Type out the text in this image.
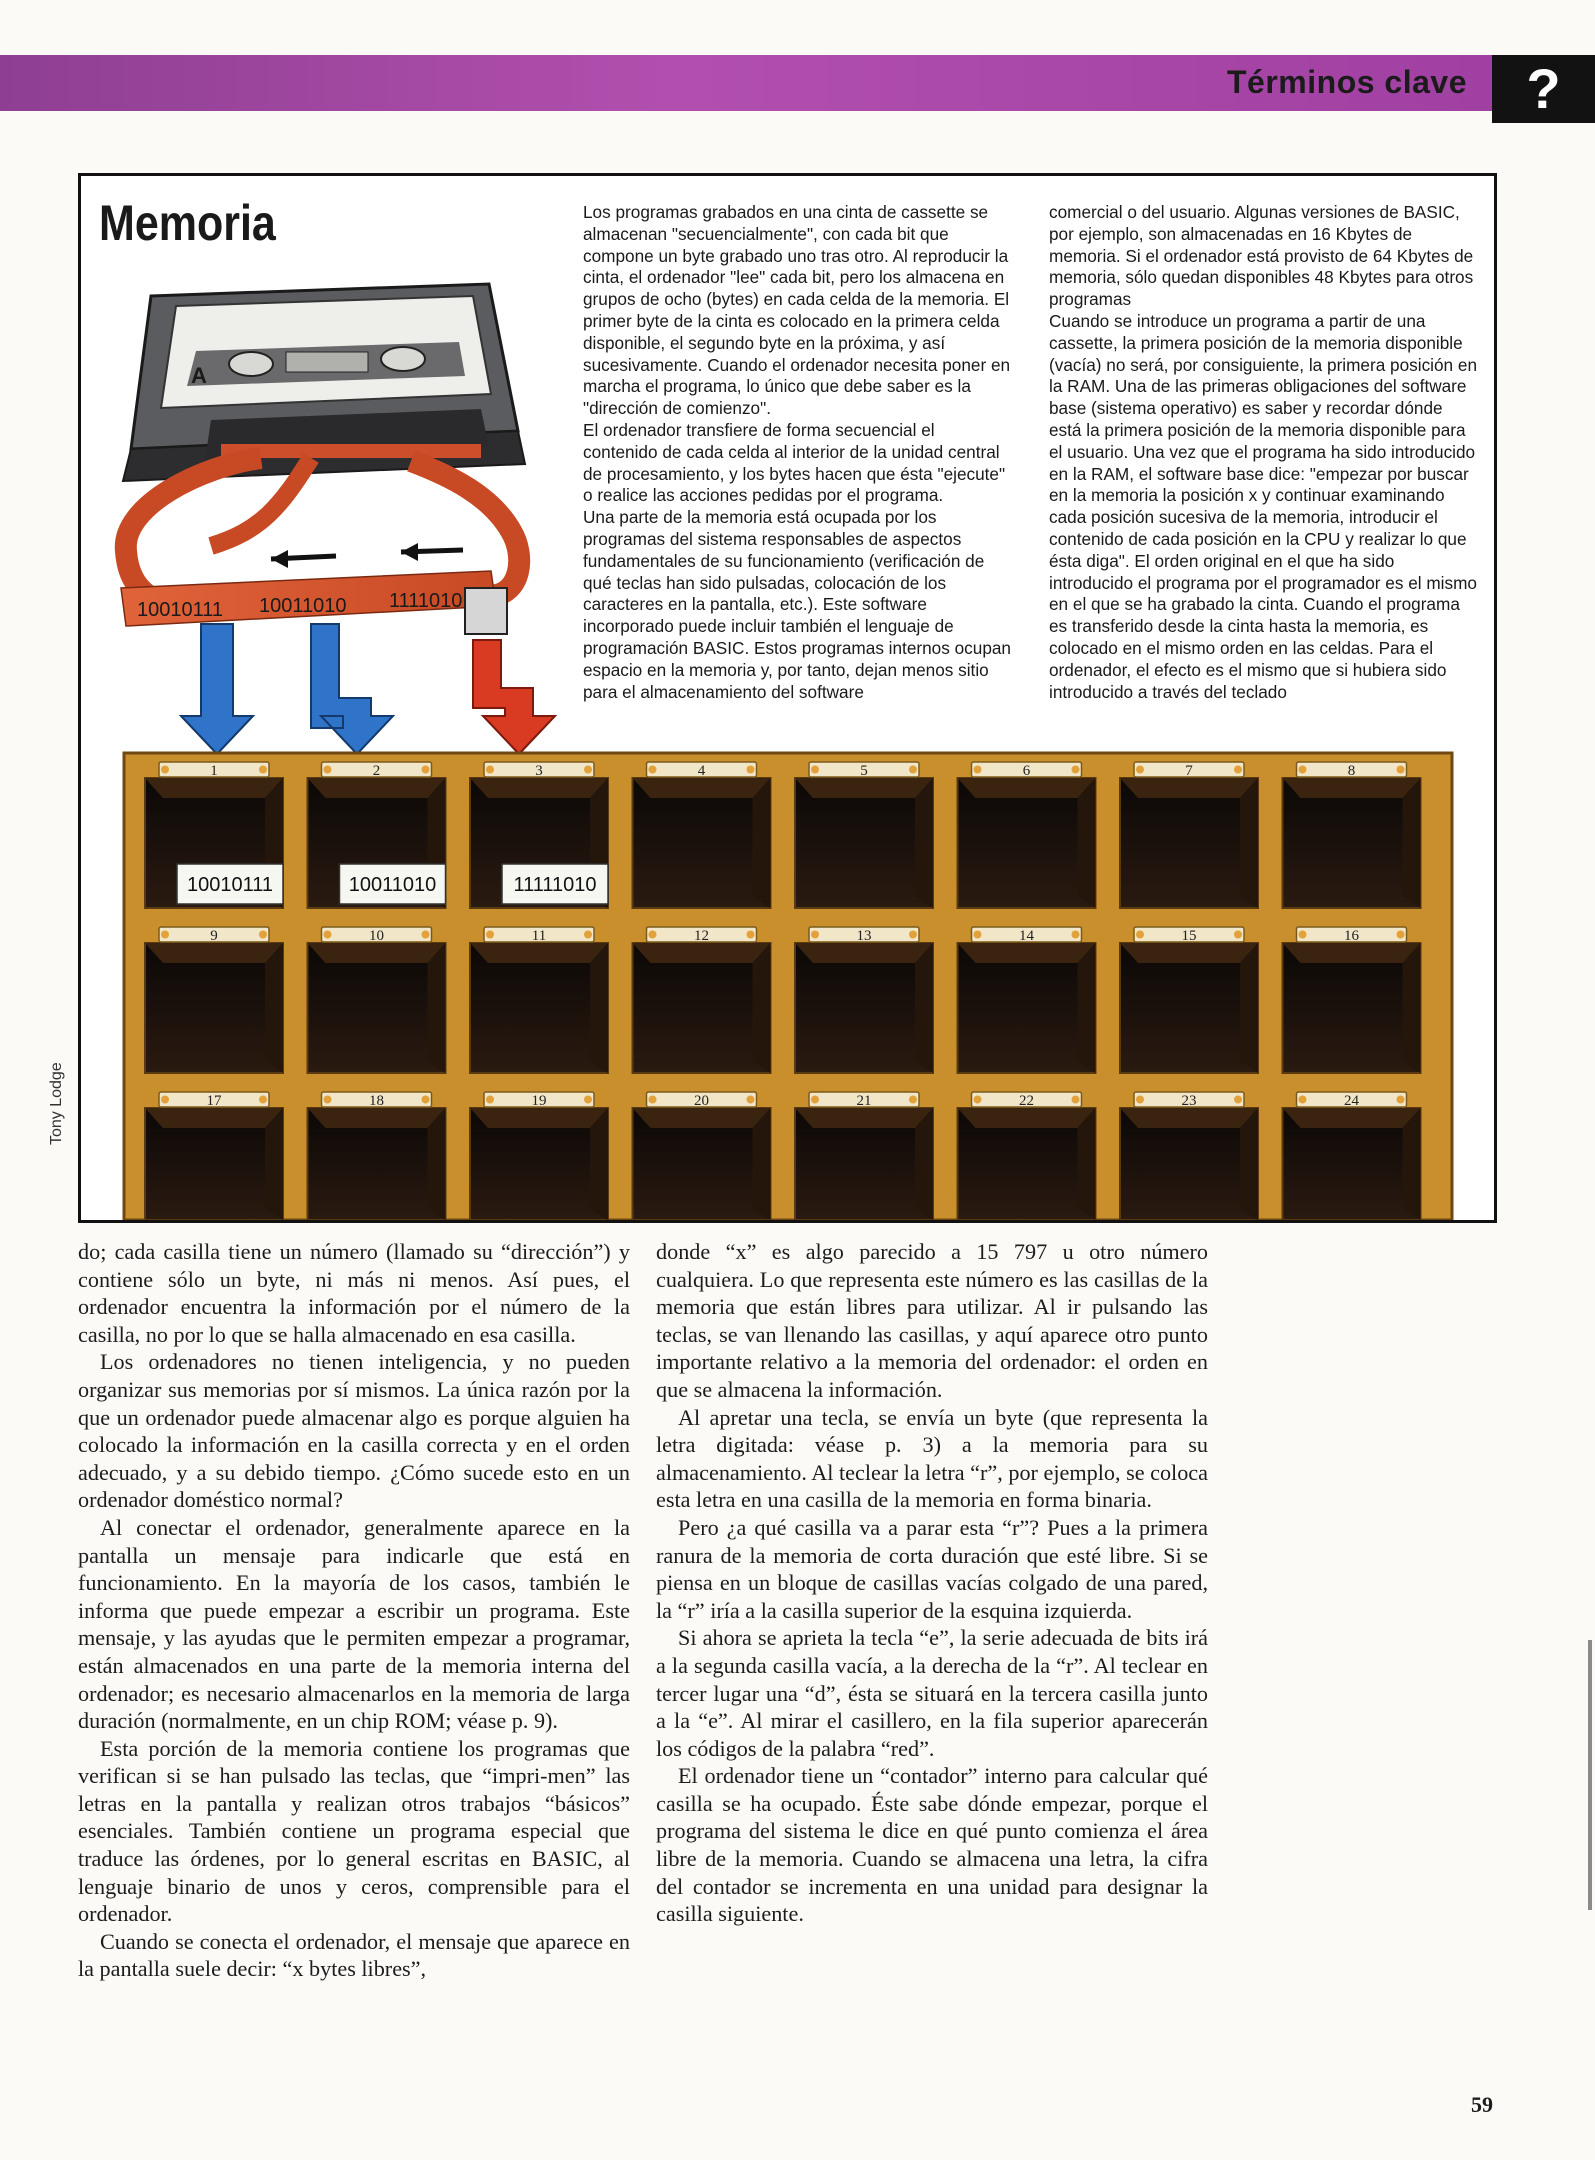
Términos clave	?
Memoria
A
10010111 10011010 1111010
1
10010111
2
10011010
3
11111010
4	5	6	7	8
9	10	11	12	13	14	15	16
17	18	19	20	21	22	23	24
Los programas grabados en una cinta de cassette se almacenan "secuencialmente", con cada bit que compone un byte grabado uno tras otro. Al reproducir la cinta, el ordenador "lee" cada bit, pero los almacena en grupos de ocho (bytes) en cada celda de la memoria. El primer byte de la cinta es colocado en la primera celda disponible, el segundo byte en la próxima, y así sucesivamente. Cuando el ordenador necesita poner en marcha el programa, lo único que debe saber es la "dirección de comienzo".
El ordenador transfiere de forma secuencial el contenido de cada celda al interior de la unidad central de procesamiento, y los bytes hacen que ésta "ejecute" o realice las acciones pedidas por el programa.
Una parte de la memoria está ocupada por los programas del sistema responsables de aspectos fundamentales de su funcionamiento (verificación de qué teclas han sido pulsadas, colocación de los caracteres en la pantalla, etc.). Este software incorporado puede incluir también el lenguaje de programación BASIC. Estos programas internos ocupan espacio en la memoria y, por tanto, dejan menos sitio para el almacenamiento del software
comercial o del usuario. Algunas versiones de BASIC, por ejemplo, son almacenadas en 16 Kbytes de memoria. Si el ordenador está provisto de 64 Kbytes de memoria, sólo quedan disponibles 48 Kbytes para otros programas
Cuando se introduce un programa a partir de una cassette, la primera posición de la memoria disponible (vacía) no será, por consiguiente, la primera posición en la RAM. Una de las primeras obligaciones del software base (sistema operativo) es saber y recordar dónde está la primera posición de la memoria disponible para el usuario. Una vez que el programa ha sido introducido en la RAM, el software base dice: "empezar por buscar en la memoria la posición x y continuar examinando cada posición sucesiva de la memoria, introducir el contenido de cada posición en la CPU y realizar lo que ésta diga". El orden original en el que ha sido introducido el programa por el programador es el mismo en el que se ha grabado la cinta. Cuando el programa es transferido desde la cinta hasta la memoria, es colocado en el mismo orden en las celdas. Para el ordenador, el efecto es el mismo que si hubiera sido introducido a través del teclado
Tony Lodge

do; cada casilla tiene un número (llamado su “dirección”) y contiene sólo un byte, ni más ni menos. Así pues, el ordenador encuentra la información por el número de la casilla, no por lo que se halla almacenado en esa casilla.

Los ordenadores no tienen inteligencia, y no pueden organizar sus memorias por sí mismos. La única razón por la que un ordenador puede almacenar algo es porque alguien ha colocado la información en la casilla correcta y en el orden adecuado, y a su debido tiempo. ¿Cómo sucede esto en un ordenador doméstico normal?

Al conectar el ordenador, generalmente aparece en la pantalla un mensaje para indicarle que está en funcionamiento. En la mayoría de los casos, también le informa que puede empezar a escribir un programa. Este mensaje, y las ayudas que le permiten empezar a programar, están almacenados en una parte de la memoria interna del ordenador; es necesario almacenarlos en la memoria de larga duración (normalmente, en un chip ROM; véase p. 9).

Esta porción de la memoria contiene los programas que verifican si se han pulsado las teclas, que “impri-men” las letras en la pantalla y realizan otros trabajos “básicos” esenciales. También contiene un programa especial que traduce las órdenes, por lo general escritas en BASIC, al lenguaje binario de unos y ceros, comprensible para el ordenador.

Cuando se conecta el ordenador, el mensaje que aparece en la pantalla suele decir: “x bytes libres”,

donde “x” es algo parecido a 15 797 u otro número cualquiera. Lo que representa este número es las casillas de la memoria que están libres para utilizar. Al ir pulsando las teclas, se van llenando las casillas, y aquí aparece otro punto importante relativo a la memoria del ordenador: el orden en que se almacena la información.

Al apretar una tecla, se envía un byte (que representa la letra digitada: véase p. 3) a la memoria para su almacenamiento. Al teclear la letra “r”, por ejemplo, se coloca esta letra en una casilla de la memoria en forma binaria.

Pero ¿a qué casilla va a parar esta “r”? Pues a la primera ranura de la memoria de corta duración que esté libre. Si se piensa en un bloque de casillas vacías colgado de una pared, la “r” iría a la casilla superior de la esquina izquierda.

Si ahora se aprieta la tecla “e”, la serie adecuada de bits irá a la segunda casilla vacía, a la derecha de la “r”. Al teclear en tercer lugar una “d”, ésta se situará en la tercera casilla junto a la “e”. Al mirar el casillero, en la fila superior aparecerán los códigos de la palabra “red”.

El ordenador tiene un “contador” interno para calcular qué casilla se ha ocupado. Éste sabe dónde empezar, porque el programa del sistema le dice en qué punto comienza el área libre de la memoria. Cuando se almacena una letra, la cifra del contador se incrementa en una unidad para designar la casilla siguiente.

59
